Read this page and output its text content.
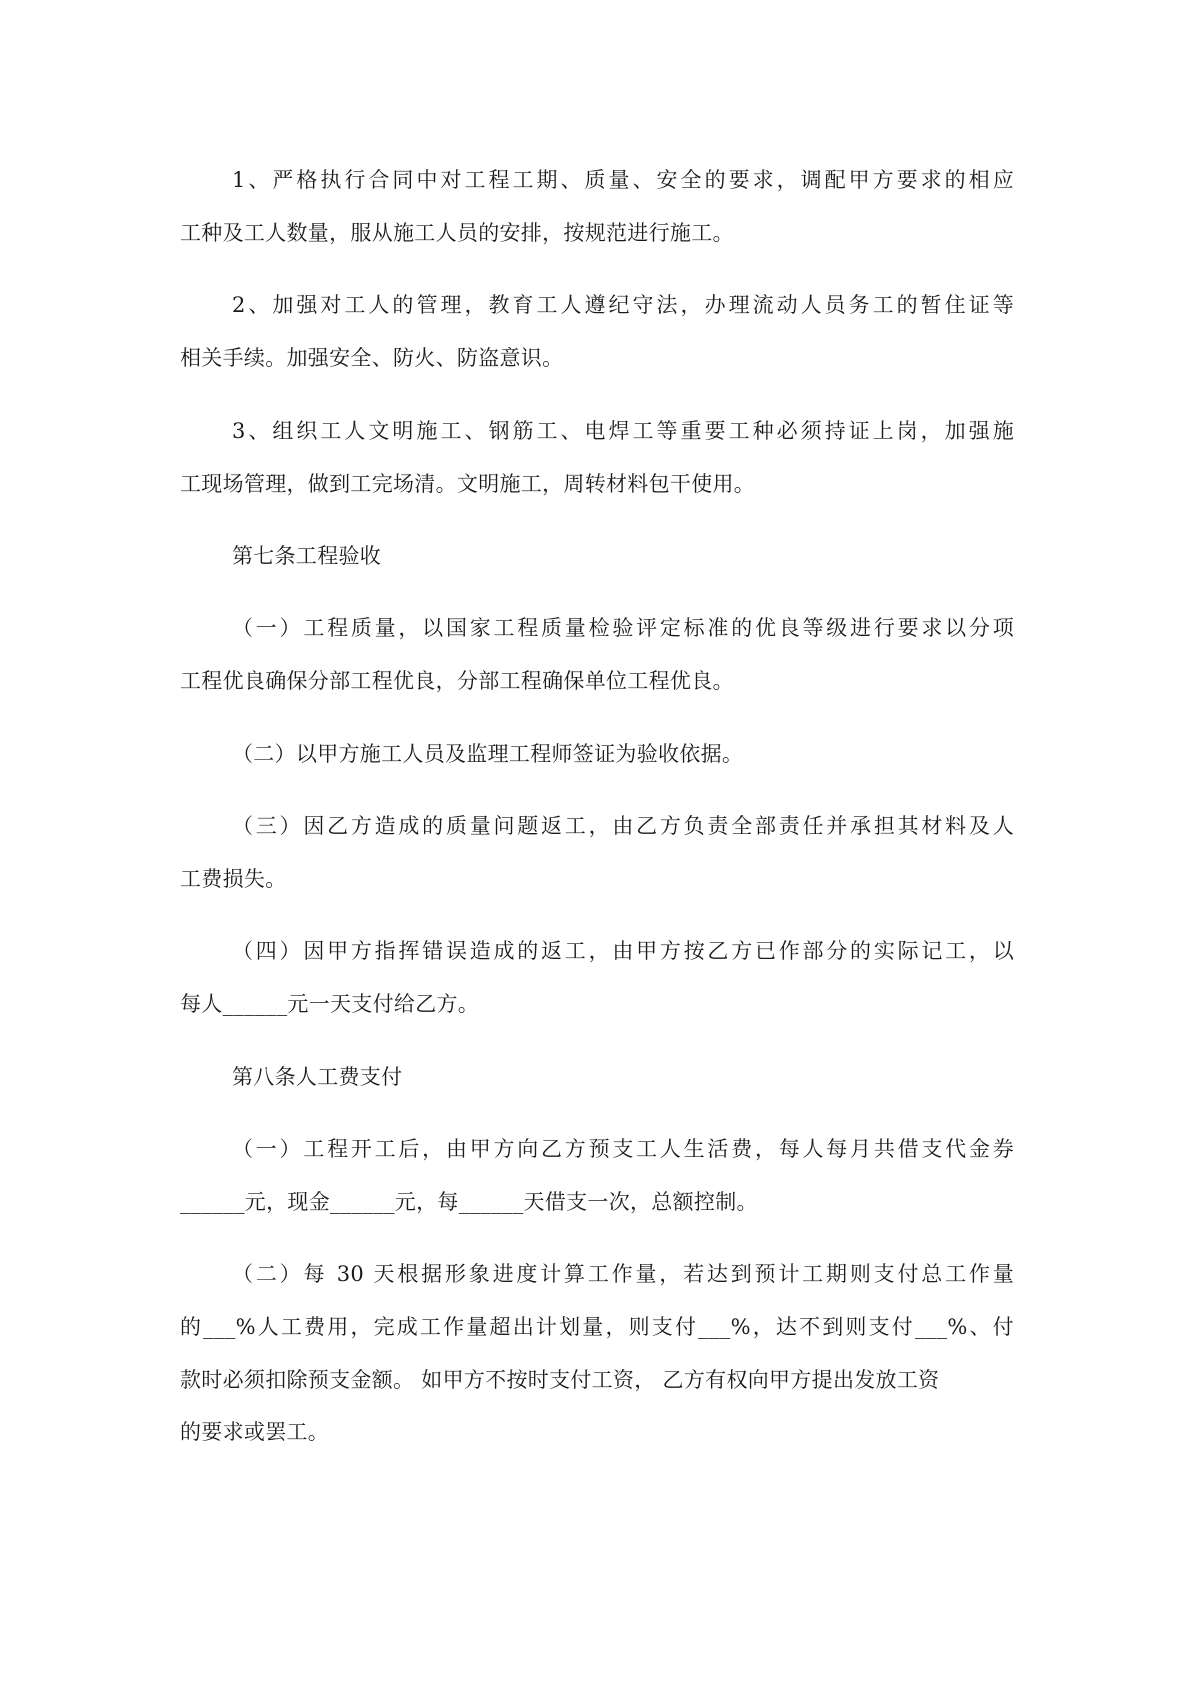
1、严格执行合同中对工程工期、质量、安全的要求，调配甲方要求的相应
工种及工人数量，服从施工人员的安排，按规范进行施工。
2、加强对工人的管理，教育工人遵纪守法，办理流动人员务工的暂住证等
相关手续。加强安全、防火、防盗意识。
3、组织工人文明施工、钢筋工、电焊工等重要工种必须持证上岗，加强施
工现场管理，做到工完场清。文明施工，周转材料包干使用。
第七条工程验收
（一）工程质量，以国家工程质量检验评定标准的优良等级进行要求以分项
工程优良确保分部工程优良，分部工程确保单位工程优良。
（二）以甲方施工人员及监理工程师签证为验收依据。
（三）因乙方造成的质量问题返工，由乙方负责全部责任并承担其材料及人
工费损失。
（四）因甲方指挥错误造成的返工，由甲方按乙方已作部分的实际记工，以
每人______元一天支付给乙方。
第八条人工费支付
（一）工程开工后，由甲方向乙方预支工人生活费，每人每月共借支代金券
______元，现金______元，每______天借支一次，总额控制。
（二）每 30 天根据形象进度计算工作量，若达到预计工期则支付总工作量
的___%人工费用，完成工作量超出计划量，则支付___%，达不到则支付___%、付
款时必须扣除预支金额。 如甲方不按时支付工资， 乙方有权向甲方提出发放工资
的要求或罢工。
